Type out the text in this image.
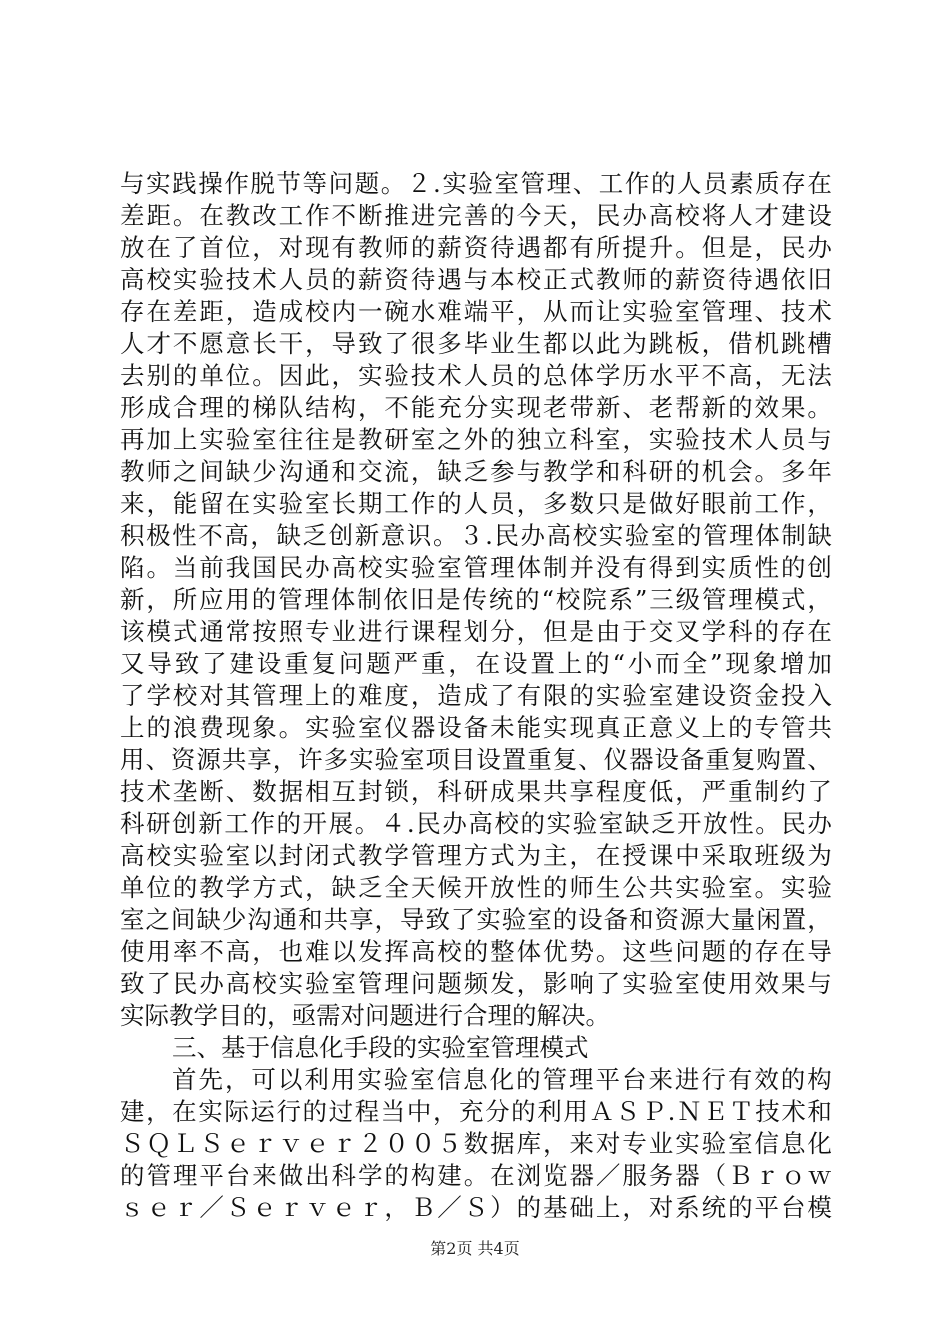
与 实 践 操 作 脱 节 等 问 题 。 ２ . 实 验 室 管 理 、 工 作 的 人 员 素 质 存 在
差 距 。 在 教 改 工 作 不 断 推 进 完 善 的 今 天 ， 民 办 高 校 将 人 才 建 设
放 在 了 首 位 ， 对 现 有 教 师 的 薪 资 待 遇 都 有 所 提 升 。 但 是 ， 民 办
高 校 实 验 技 术 人 员 的 薪 资 待 遇 与 本 校 正 式 教 师 的 薪 资 待 遇 依 旧
存 在 差 距 ， 造 成 校 内 一 碗 水 难 端 平 ， 从 而 让 实 验 室 管 理 、 技 术
人 才 不 愿 意 长 干 ， 导 致 了 很 多 毕 业 生 都 以 此 为 跳 板 ， 借 机 跳 槽
去 别 的 单 位 。 因 此 ， 实 验 技 术 人 员 的 总 体 学 历 水 平 不 高 ， 无 法
形 成 合 理 的 梯 队 结 构 ， 不 能 充 分 实 现 老 带 新 、 老 帮 新 的 效 果 。
再 加 上 实 验 室 往 往 是 教 研 室 之 外 的 独 立 科 室 ， 实 验 技 术 人 员 与
教 师 之 间 缺 少 沟 通 和 交 流 ， 缺 乏 参 与 教 学 和 科 研 的 机 会 。 多 年
来 ， 能 留 在 实 验 室 长 期 工 作 的 人 员 ， 多 数 只 是 做 好 眼 前 工 作 ，
积 极 性 不 高 ， 缺 乏 创 新 意 识 。 ３ . 民 办 高 校 实 验 室 的 管 理 体 制 缺
陷 。 当 前 我 国 民 办 高 校 实 验 室 管 理 体 制 并 没 有 得 到 实 质 性 的 创
新 ， 所 应 用 的 管 理 体 制 依 旧 是 传 统 的 “ 校 院 系 ” 三 级 管 理 模 式 ，
该 模 式 通 常 按 照 专 业 进 行 课 程 划 分 ， 但 是 由 于 交 叉 学 科 的 存 在
又 导 致 了 建 设 重 复 问 题 严 重 ， 在 设 置 上 的 “ 小 而 全 ” 现 象 增 加
了 学 校 对 其 管 理 上 的 难 度 ， 造 成 了 有 限 的 实 验 室 建 设 资 金 投 入
上 的 浪 费 现 象 。 实 验 室 仪 器 设 备 未 能 实 现 真 正 意 义 上 的 专 管 共
用 、 资 源 共 享 ， 许 多 实 验 室 项 目 设 置 重 复 、 仪 器 设 备 重 复 购 置 、
技 术 垄 断 、 数 据 相 互 封 锁 ， 科 研 成 果 共 享 程 度 低 ， 严 重 制 约 了
科 研 创 新 工 作 的 开 展 。 ４ . 民 办 高 校 的 实 验 室 缺 乏 开 放 性 。 民 办
高 校 实 验 室 以 封 闭 式 教 学 管 理 方 式 为 主 ， 在 授 课 中 采 取 班 级 为
单 位 的 教 学 方 式 ， 缺 乏 全 天 候 开 放 性 的 师 生 公 共 实 验 室 。 实 验
室 之 间 缺 少 沟 通 和 共 享 ， 导 致 了 实 验 室 的 设 备 和 资 源 大 量 闲 置 ，
使 用 率 不 高 ， 也 难 以 发 挥 高 校 的 整 体 优 势 。 这 些 问 题 的 存 在 导
致 了 民 办 高 校 实 验 室 管 理 问 题 频 发 ， 影 响 了 实 验 室 使 用 效 果 与
实际教学目的，亟需对问题进行合理的解决。
三、基于信息化手段的实验室管理模式
首 先 ， 可 以 利 用 实 验 室 信 息 化 的 管 理 平 台 来 进 行 有 效 的 构
建 ， 在 实 际 运 行 的 过 程 当 中 ， 充 分 的 利 用 Ａ Ｓ Ｐ . Ｎ Ｅ Ｔ 技 术 和
Ｓ Ｑ Ｌ Ｓ ｅ ｒ ｖ ｅ ｒ ２ ０ ０ ５ 数 据 库 ， 来 对 专 业 实 验 室 信 息 化
的 管 理 平 台 来 做 出 科 学 的 构 建 。 在 浏 览 器 ／ 服 务 器 （ Ｂ ｒ ｏ ｗ
ｓ ｅ ｒ ／ Ｓ ｅ ｒ ｖ ｅ ｒ ， Ｂ ／ Ｓ ） 的 基 础 上 ， 对 系 统 的 平 台 模
第2页 共4页
